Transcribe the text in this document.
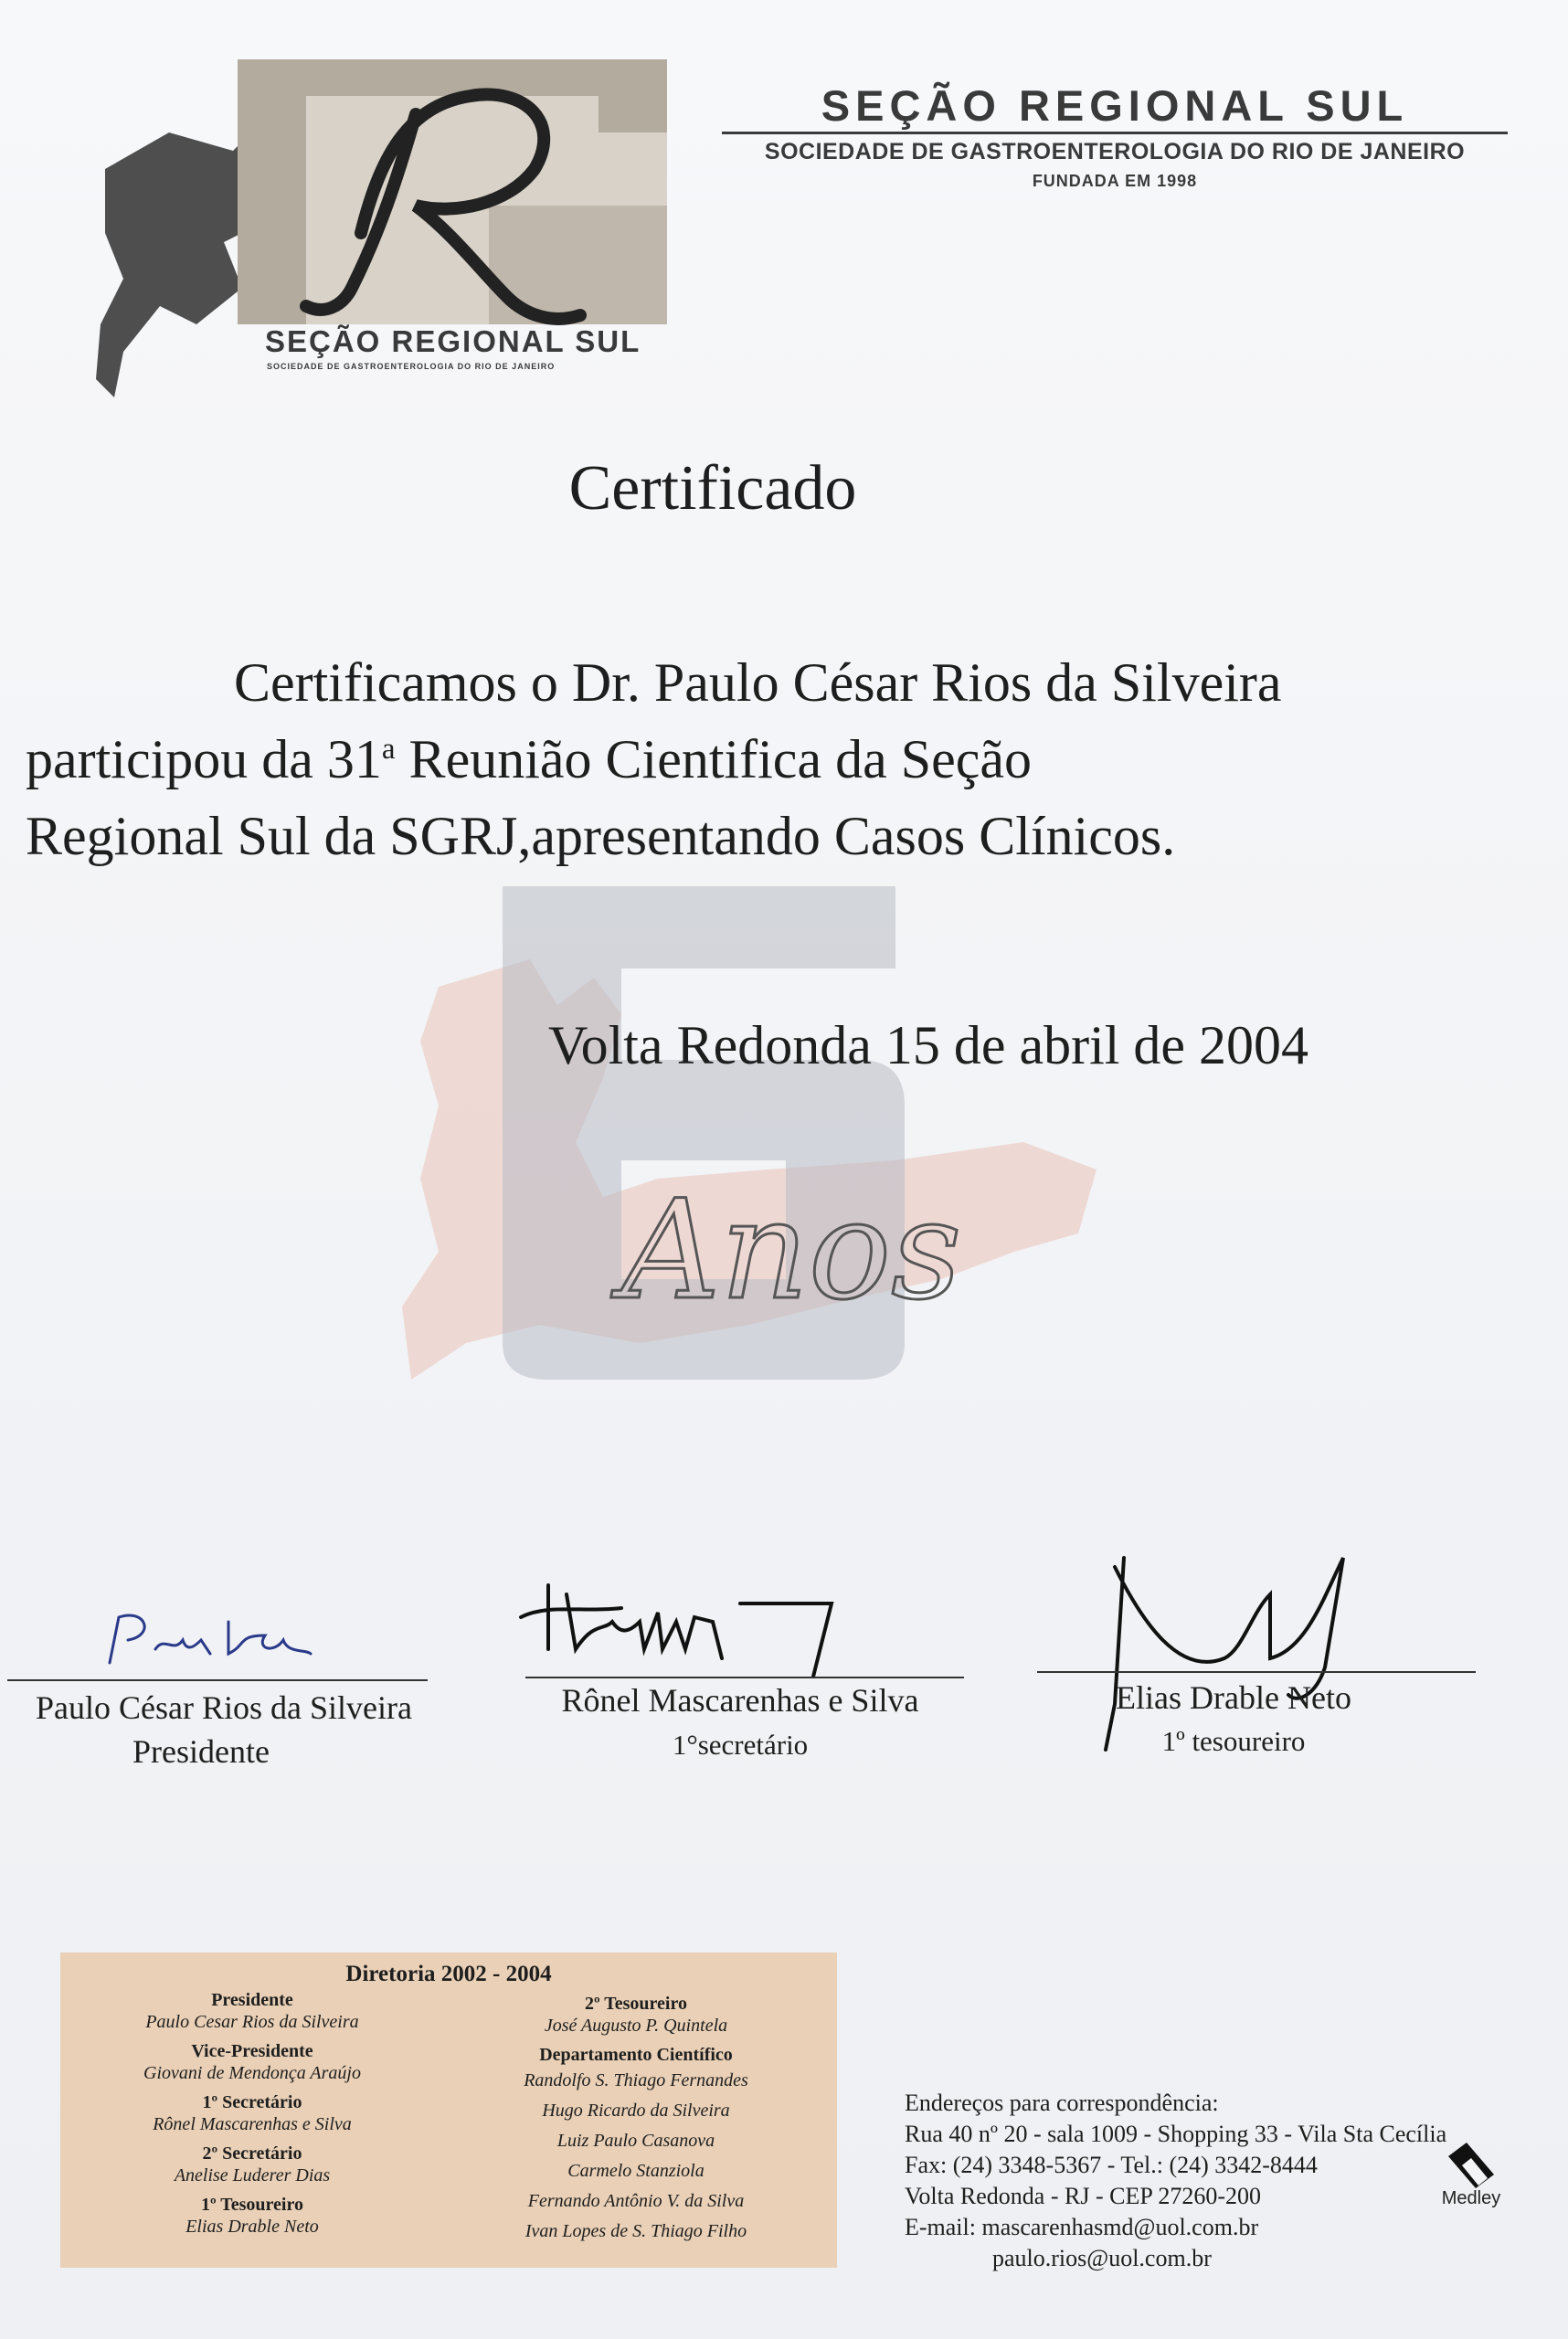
Anos
SEÇÃO REGIONAL SUL
SOCIEDADE DE GASTROENTEROLOGIA DO RIO DE JANEIRO
SEÇÃO REGIONAL SUL
SOCIEDADE DE GASTROENTEROLOGIA DO RIO DE JANEIRO
FUNDADA EM 1998
Certificado
Certificamos o Dr. Paulo César Rios da Silveira
participou da 31$^a$ Reunião Cientifica da Seção
Regional Sul da SGRJ,apresentando Casos Clínicos.
Volta Redonda 15 de abril de 2004
Paulo César Rios da Silveira
Presidente
Rônel Mascarenhas e Silva
1°secretário
Elias Drable Neto
1º tesoureiro
Diretoria 2002 - 2004
Presidente
Paulo Cesar Rios da Silveira
Vice-Presidente
Giovani de Mendonça Araújo
1º Secretário
Rônel Mascarenhas e Silva
2º Secretário
Anelise Luderer Dias
1º Tesoureiro
Elias Drable Neto
2º Tesoureiro
José Augusto P. Quintela
Departamento Científico
Randolfo S. Thiago Fernandes
Hugo Ricardo da Silveira
Luiz Paulo Casanova
Carmelo Stanziola
Fernando Antônio V. da Silva
Ivan Lopes de S. Thiago Filho
Endereços para correspondência:
Rua 40 nº 20 - sala 1009 - Shopping 33 - Vila Sta Cecília
Fax: (24) 3348-5367 - Tel.: (24) 3342-8444
Volta Redonda - RJ - CEP 27260-200
E-mail: mascarenhasmd@uol.com.br
paulo.rios@uol.com.br
Medley
